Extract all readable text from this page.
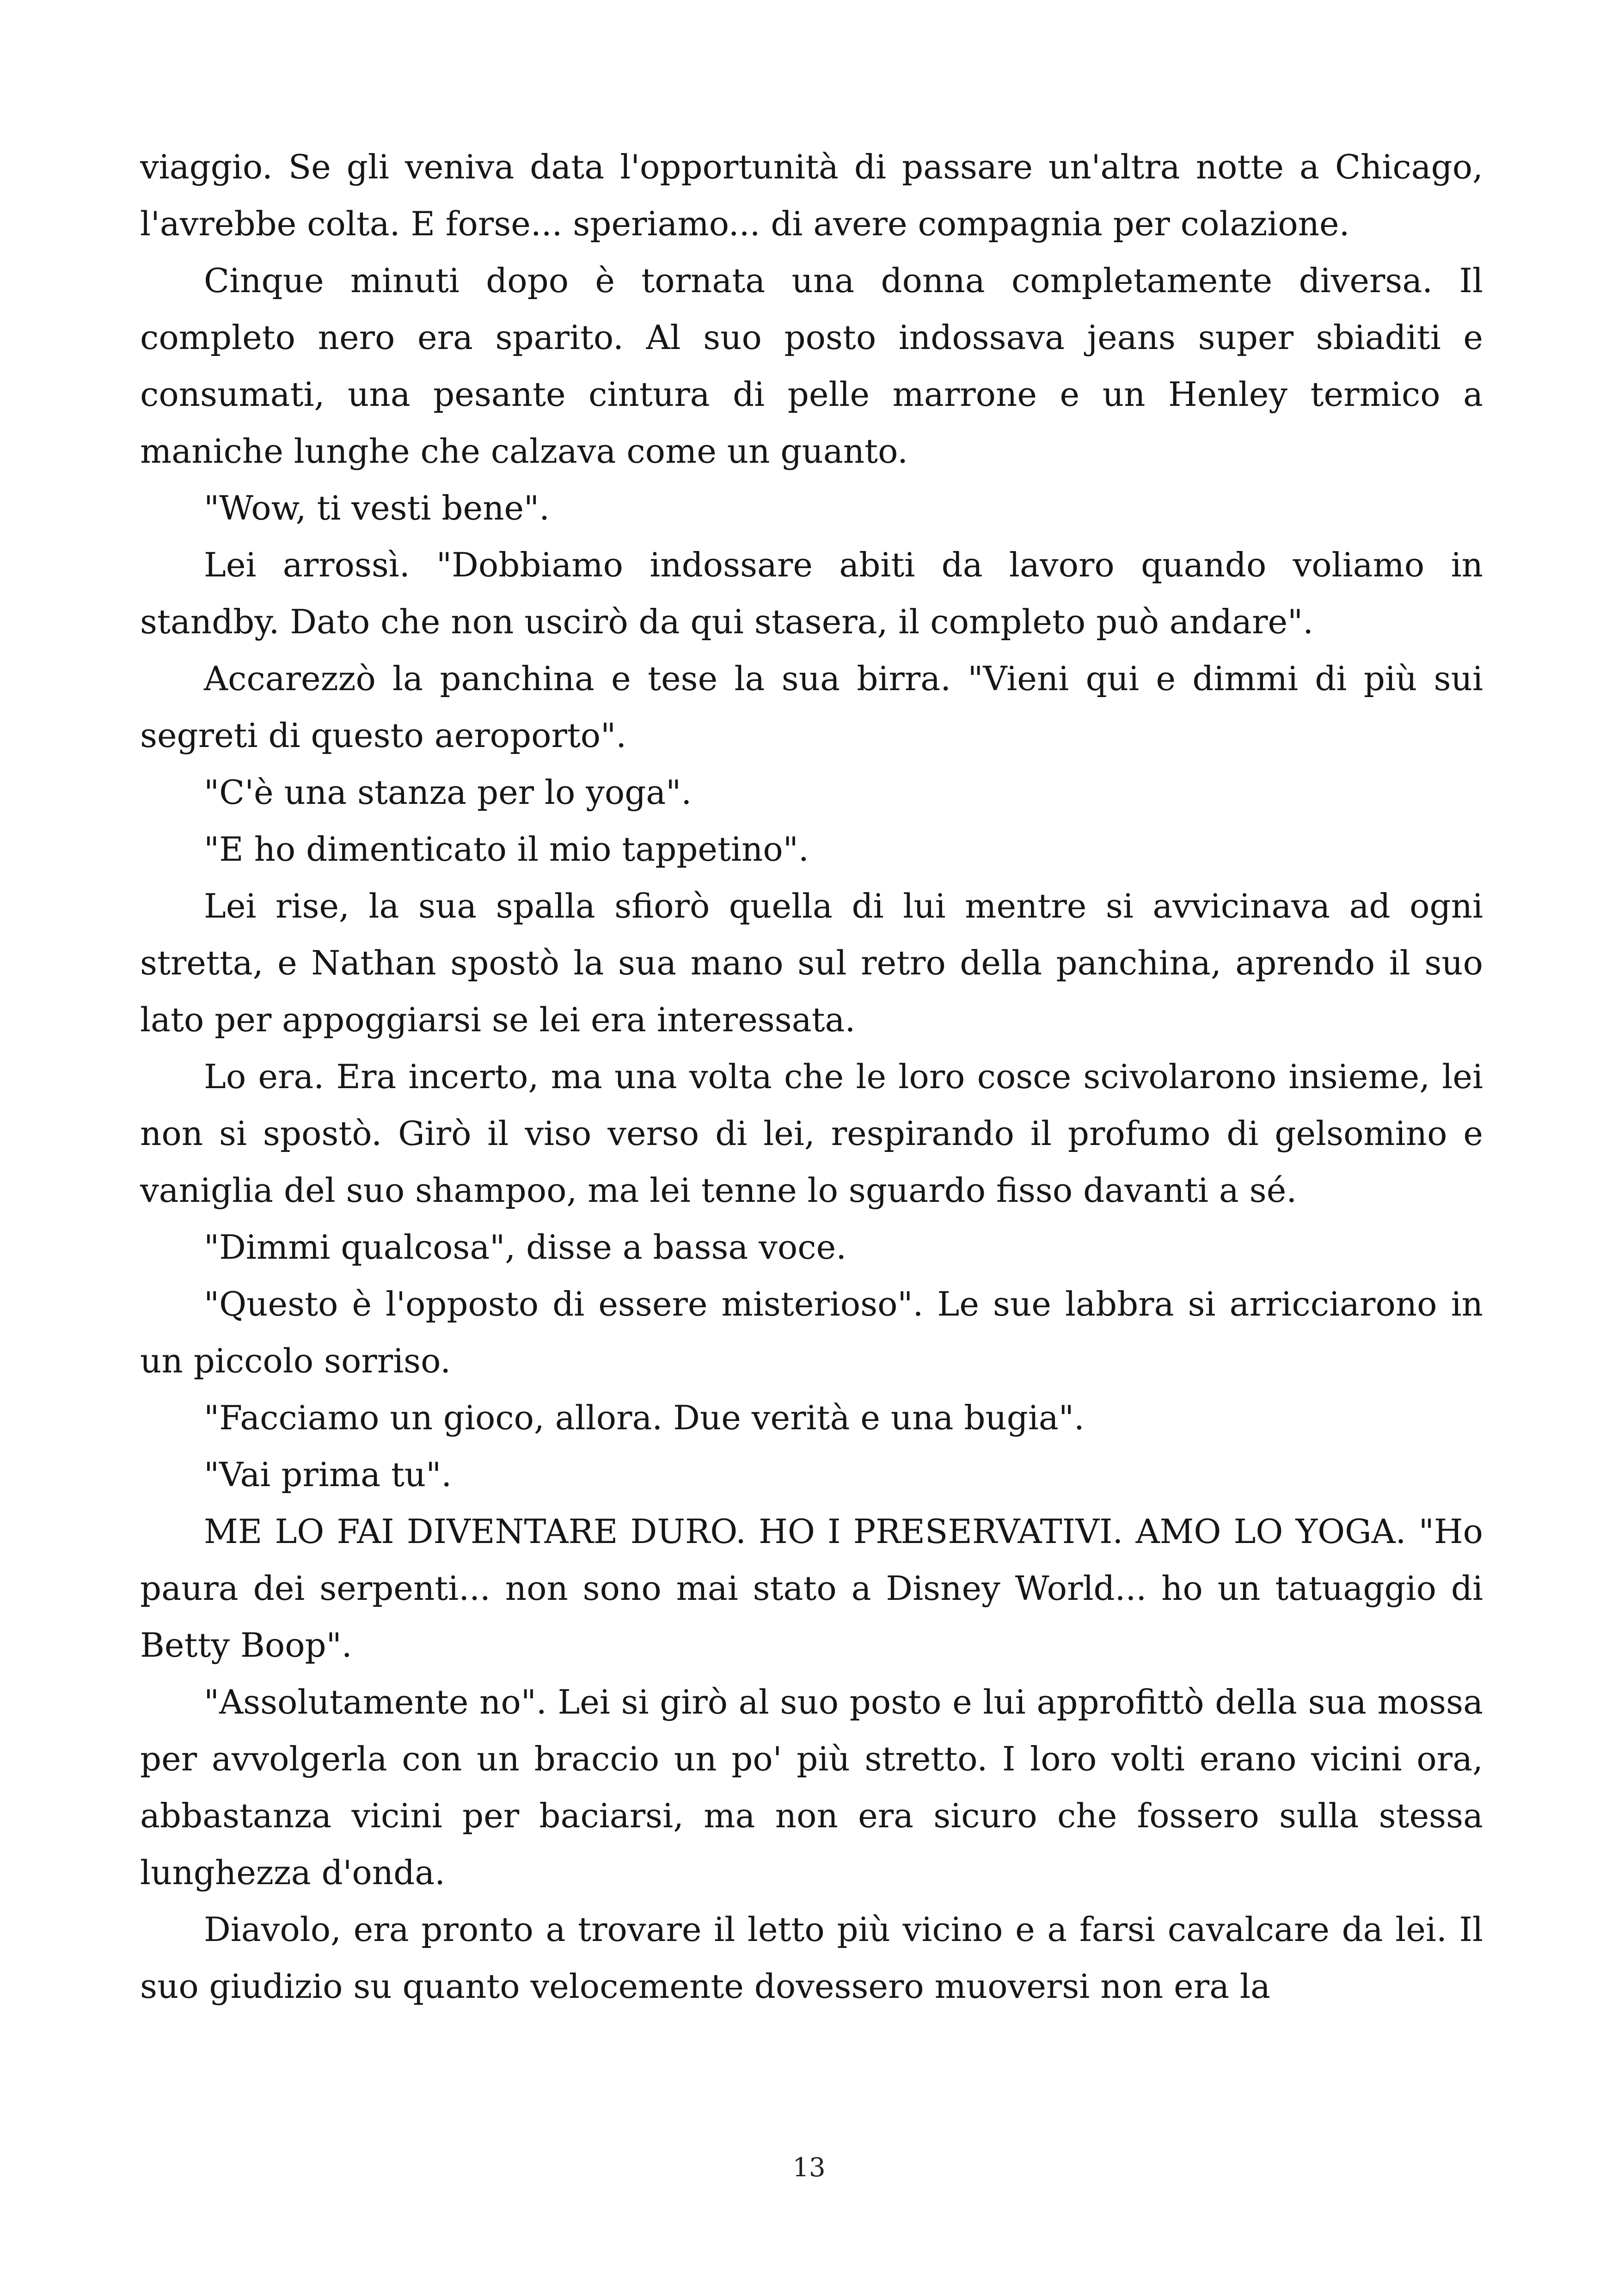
viaggio. Se gli veniva data l'opportunità di passare un'altra notte a Chicago, l'avrebbe colta. E forse... speriamo... di avere compagnia per colazione.

Cinque minuti dopo è tornata una donna completamente diversa. Il completo nero era sparito. Al suo posto indossava jeans super sbiaditi e consumati, una pesante cintura di pelle marrone e un Henley termico a maniche lunghe che calzava come un guanto.

"Wow, ti vesti bene".

Lei arrossì. "Dobbiamo indossare abiti da lavoro quando voliamo in standby. Dato che non uscirò da qui stasera, il completo può andare".

Accarezzò la panchina e tese la sua birra. "Vieni qui e dimmi di più sui segreti di questo aeroporto".

"C'è una stanza per lo yoga".

"E ho dimenticato il mio tappetino".

Lei rise, la sua spalla sfiorò quella di lui mentre si avvicinava ad ogni stretta, e Nathan spostò la sua mano sul retro della panchina, aprendo il suo lato per appoggiarsi se lei era interessata.

Lo era. Era incerto, ma una volta che le loro cosce scivolarono insieme, lei non si spostò. Girò il viso verso di lei, respirando il profumo di gelsomino e vaniglia del suo shampoo, ma lei tenne lo sguardo fisso davanti a sé.

"Dimmi qualcosa", disse a bassa voce.

"Questo è l'opposto di essere misterioso". Le sue labbra si arricciarono in un piccolo sorriso.

"Facciamo un gioco, allora. Due verità e una bugia".

"Vai prima tu".

ME LO FAI DIVENTARE DURO. HO I PRESERVATIVI. AMO LO YOGA. "Ho paura dei serpenti... non sono mai stato a Disney World... ho un tatuaggio di Betty Boop".

"Assolutamente no". Lei si girò al suo posto e lui approfittò della sua mossa per avvolgerla con un braccio un po' più stretto. I loro volti erano vicini ora, abbastanza vicini per baciarsi, ma non era sicuro che fossero sulla stessa lunghezza d'onda.

Diavolo, era pronto a trovare il letto più vicino e a farsi cavalcare da lei. Il suo giudizio su quanto velocemente dovessero muoversi non era la

13
